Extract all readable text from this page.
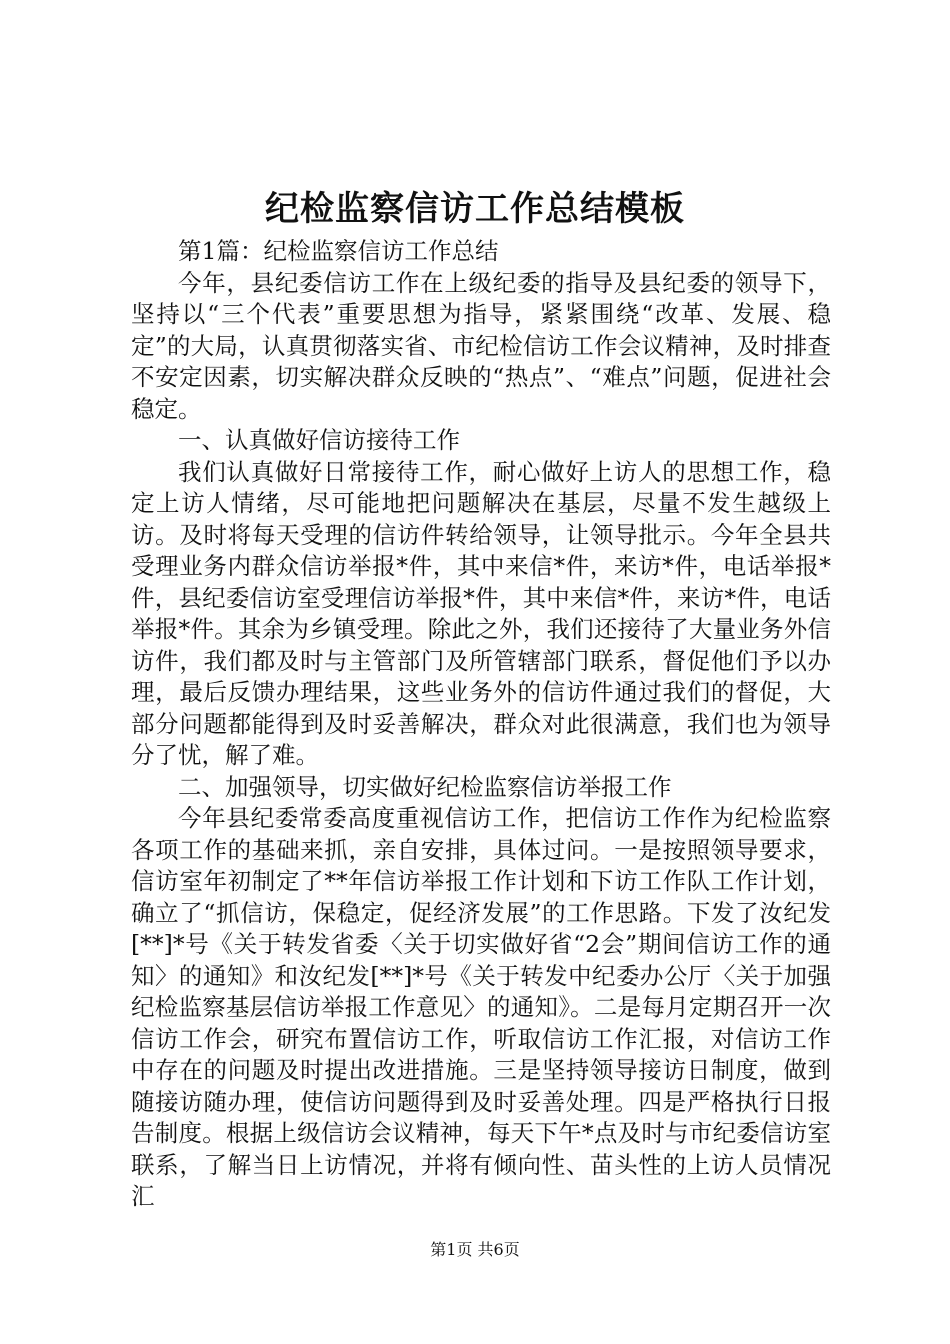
纪检监察信访工作总结模板

第1篇：纪检监察信访工作总结

今年，县纪委信访工作在上级纪委的指导及县纪委的领导下，坚持以“三个代表”重要思想为指导，紧紧围绕“改革、发展、稳定”的大局，认真贯彻落实省、市纪检信访工作会议精神，及时排查不安定因素，切实解决群众反映的“热点”、“难点”问题，促进社会稳定。

一、认真做好信访接待工作

我们认真做好日常接待工作，耐心做好上访人的思想工作，稳定上访人情绪，尽可能地把问题解决在基层，尽量不发生越级上访。及时将每天受理的信访件转给领导，让领导批示。今年全县共受理业务内群众信访举报*件，其中来信*件，来访*件，电话举报*件，县纪委信访室受理信访举报*件，其中来信*件，来访*件，电话举报*件。其余为乡镇受理。除此之外，我们还接待了大量业务外信访件，我们都及时与主管部门及所管辖部门联系，督促他们予以办理，最后反馈办理结果，这些业务外的信访件通过我们的督促，大部分问题都能得到及时妥善解决，群众对此很满意，我们也为领导分了忧，解了难。

二、加强领导，切实做好纪检监察信访举报工作

今年县纪委常委高度重视信访工作，把信访工作作为纪检监察各项工作的基础来抓，亲自安排，具体过问。一是按照领导要求，信访室年初制定了**年信访举报工作计划和下访工作队工作计划，确立了“抓信访，保稳定，促经济发展”的工作思路。下发了汝纪发[**]*号《关于转发省委〈关于切实做好省“2会”期间信访工作的通知〉的通知》和汝纪发[**]*号《关于转发中纪委办公厅〈关于加强纪检监察基层信访举报工作意见〉的通知》。二是每月定期召开一次信访工作会，研究布置信访工作，听取信访工作汇报，对信访工作中存在的问题及时提出改进措施。三是坚持领导接访日制度，做到随接访随办理，使信访问题得到及时妥善处理。四是严格执行日报告制度。根据上级信访会议精神，每天下午*点及时与市纪委信访室联系，了解当日上访情况，并将有倾向性、苗头性的上访人员情况汇

第1页 共6页
